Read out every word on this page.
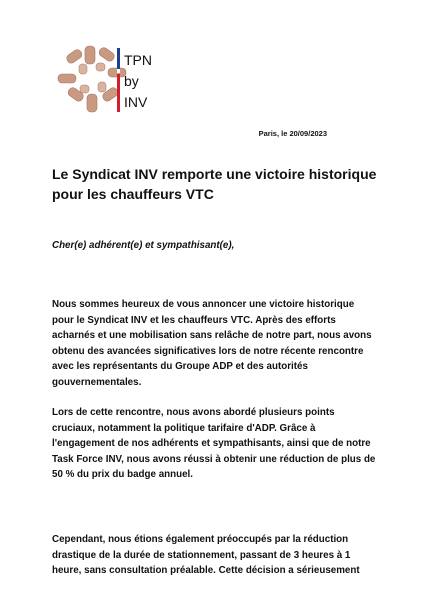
TPN
by
INV
Paris, le 20/09/2023
Le Syndicat INV remporte une victoire historique
pour les chauffeurs VTC

Cher(e) adhérent(e) et sympathisant(e),

Nous sommes heureux de vous annoncer une victoire historique
pour le Syndicat INV et les chauffeurs VTC. Après des efforts
acharnés et une mobilisation sans relâche de notre part, nous avons
obtenu des avancées significatives lors de notre récente rencontre
avec les représentants du Groupe ADP et des autorités
gouvernementales.

Lors de cette rencontre, nous avons abordé plusieurs points
cruciaux, notamment la politique tarifaire d'ADP. Grâce à
l'engagement de nos adhérents et sympathisants, ainsi que de notre
Task Force INV, nous avons réussi à obtenir une réduction de plus de
50 % du prix du badge annuel.

Cependant, nous étions également préoccupés par la réduction
drastique de la durée de stationnement, passant de 3 heures à 1
heure, sans consultation préalable. Cette décision a sérieusement
